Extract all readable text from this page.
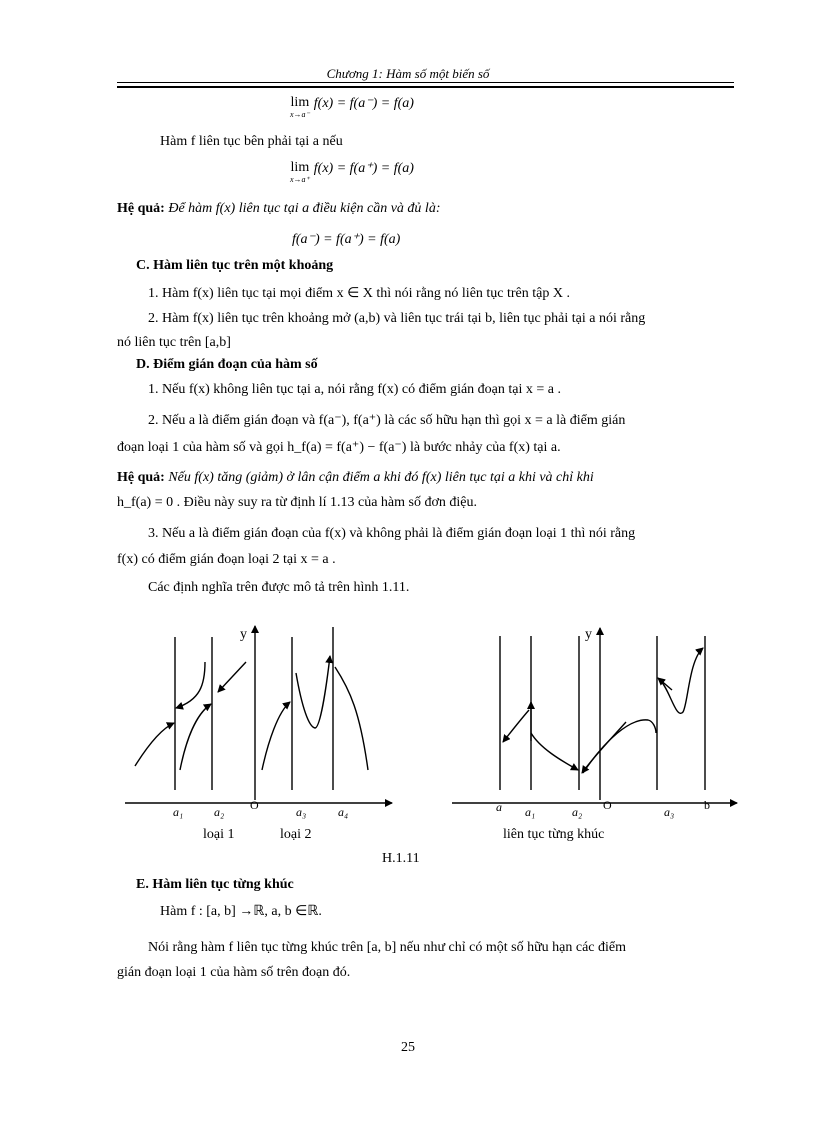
Chương 1: Hàm số một biến số
lim
x→a⁻
f(x) = f(a⁻) = f(a)
Hàm f liên tục bên phải tại a nếu
lim
x→a⁺
f(x) = f(a⁺) = f(a)
Hệ quả: Để hàm f(x) liên tục tại a điều kiện cần và đủ là:
f(a⁻) = f(a⁺) = f(a)
C. Hàm liên tục trên một khoảng
1. Hàm f(x) liên tục tại mọi điểm x ∈ X thì nói rằng nó liên tục trên tập X .
2. Hàm f(x) liên tục trên khoảng mở (a,b) và liên tục trái tại b, liên tục phải tại a nói rằng
nó liên tục trên [a,b]
D. Điểm gián đoạn của hàm số
1. Nếu f(x) không liên tục tại a, nói rằng f(x) có điểm gián đoạn tại x = a .
2. Nếu a là điểm gián đoạn và f(a⁻), f(a⁺) là các số hữu hạn thì gọi x = a là điểm gián
đoạn loại 1 của hàm số và gọi h_f(a) = f(a⁺) − f(a⁻) là bước nhảy của f(x) tại a.
Hệ quả: Nếu f(x) tăng (giảm) ở lân cận điểm a khi đó f(x) liên tục tại a khi và chỉ khi
h_f(a) = 0 . Điều này suy ra từ định lí 1.13 của hàm số đơn điệu.
3. Nếu a là điểm gián đoạn của f(x) và không phải là điểm gián đoạn loại 1 thì nói rằng
f(x) có điểm gián đoạn loại 2 tại x = a .
Các định nghĩa trên được mô tả trên hình 1.11.
y
a₁	a₂ O	a₃	a₄
loại 1	loại 2
y
a a₁	a₂ O	a₃ b
liên tục từng khúc
H.1.11
E. Hàm liên tục từng khúc
Hàm f : [a, b] →ℝ, a, b ∈ℝ.
Nói rằng hàm f liên tục từng khúc trên [a, b] nếu như chỉ có một số hữu hạn các điểm
gián đoạn loại 1 của hàm số trên đoạn đó.
25
